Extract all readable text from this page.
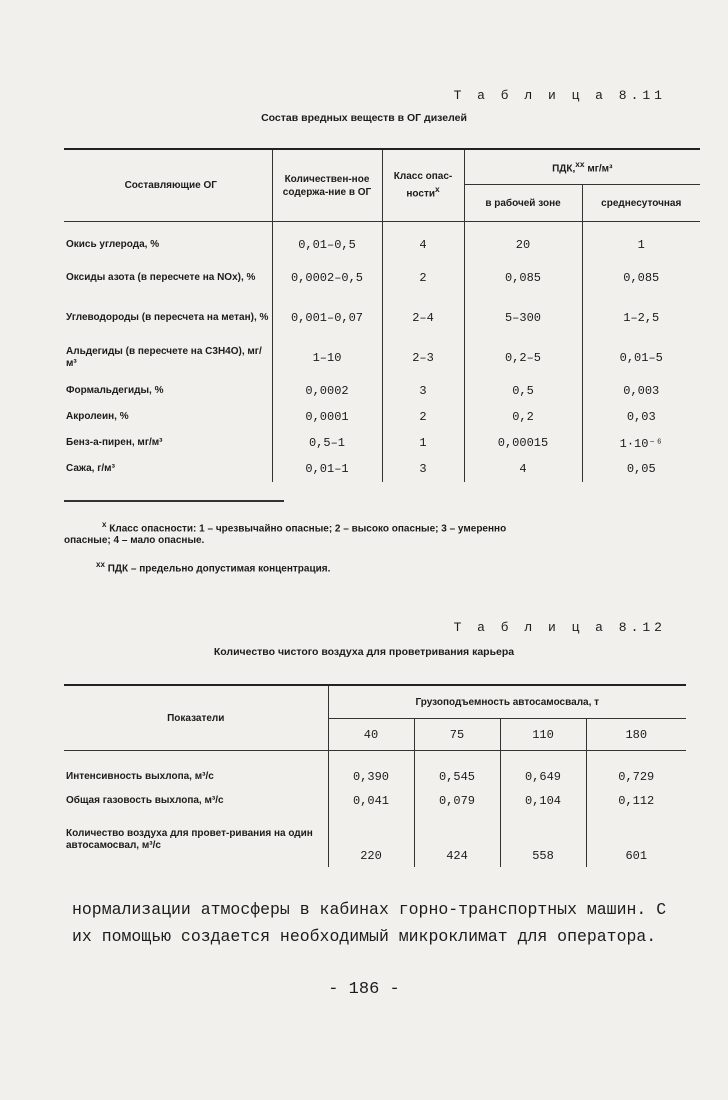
Т а б л и ц а 8.11
Состав вредных веществ в ОГ дизелей
Составляющие ОГ	Количествен-ное содержа-ние в ОГ	Класс опас-ности$^x$	ПДК,$^{xx}$ мг/м³	
			в рабочей зоне	среднесуточная

Окись углерода, %	0,01–0,5	4	20	1
Оксиды азота (в пересчете на NOx), %	0,0002–0,5	2	0,085	0,085
Углеводороды (в пересчета на метан), %	0,001–0,07	2–4	5–300	1–2,5
Альдегиды (в пересчете на C3H4O), мг/м³	1–10	2–3	0,2–5	0,01–5
Формальдегиды, %	0,0002	3	0,5	0,003
Акролеин, %	0,0001	2	0,2	0,03
Бенз-а-пирен, мг/м³	0,5–1	1	0,00015	1·10⁻⁶
Сажа, г/м³	0,01–1	3	4	0,05
$^x$ Класс опасности: 1 – чрезвычайно опасные; 2 – высоко опасные; 3 – умеренно
опасные; 4 – мало опасные.
$^{xx}$ ПДК – предельно допустимая концентрация.
Т а б л и ц а 8.12
Количество чистого воздуха для проветривания карьера
Показатели	Грузоподъемность автосамосвала, т			
	40	75	110	180

Интенсивность выхлопа, м³/с	0,390	0,545	0,649	0,729
Общая газовость выхлопа, м³/с	0,041	0,079	0,104	0,112
Количество воздуха для провет-ривания на один автосамосвал, м³/с	220	424	558	601
нормализации атмосферы в кабинах горно-транспортных машин. С
их помощью создается необходимый микроклимат для оператора.
- 186 -
